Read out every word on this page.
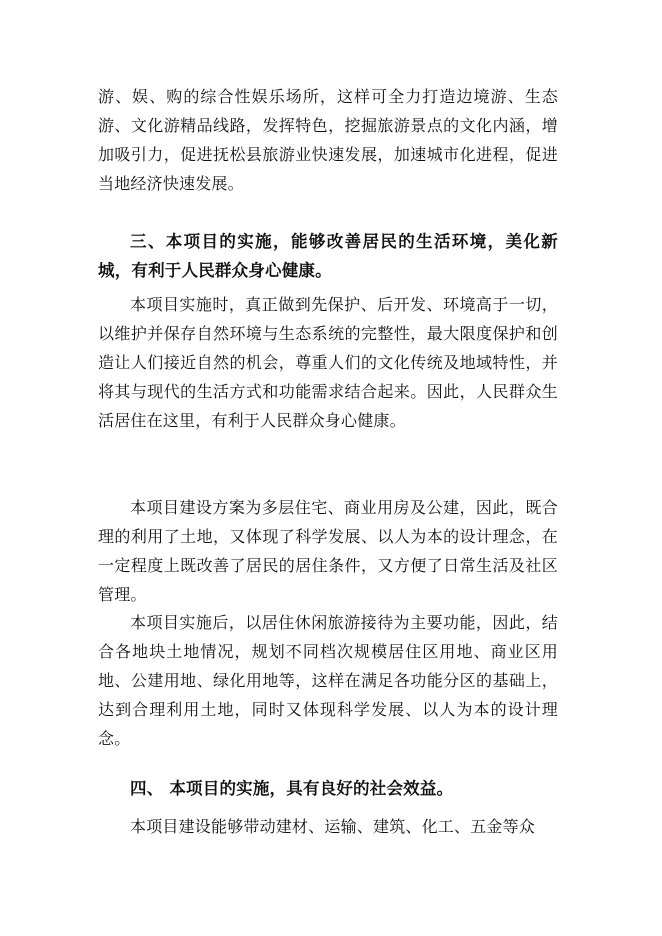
游、娱、购的综合性娱乐场所，这样可全力打造边境游、生态游、文化游精品线路，发挥特色，挖掘旅游景点的文化内涵，增加吸引力，促进抚松县旅游业快速发展，加速城市化进程，促进当地经济快速发展。

三、本项目的实施，能够改善居民的生活环境，美化新城，有利于人民群众身心健康。

本项目实施时，真正做到先保护、后开发、环境高于一切，以维护并保存自然环境与生态系统的完整性，最大限度保护和创造让人们接近自然的机会，尊重人们的文化传统及地域特性，并将其与现代的生活方式和功能需求结合起来。因此，人民群众生活居住在这里，有利于人民群众身心健康。

本项目建设方案为多层住宅、商业用房及公建，因此，既合理的利用了土地，又体现了科学发展、以人为本的设计理念，在一定程度上既改善了居民的居住条件，又方便了日常生活及社区管理。

本项目实施后，以居住休闲旅游接待为主要功能，因此，结合各地块土地情况，规划不同档次规模居住区用地、商业区用地、公建用地、绿化用地等，这样在满足各功能分区的基础上，达到合理利用土地，同时又体现科学发展、以人为本的设计理念。

四、 本项目的实施，具有良好的社会效益。

本项目建设能够带动建材、运输、建筑、化工、五金等众
